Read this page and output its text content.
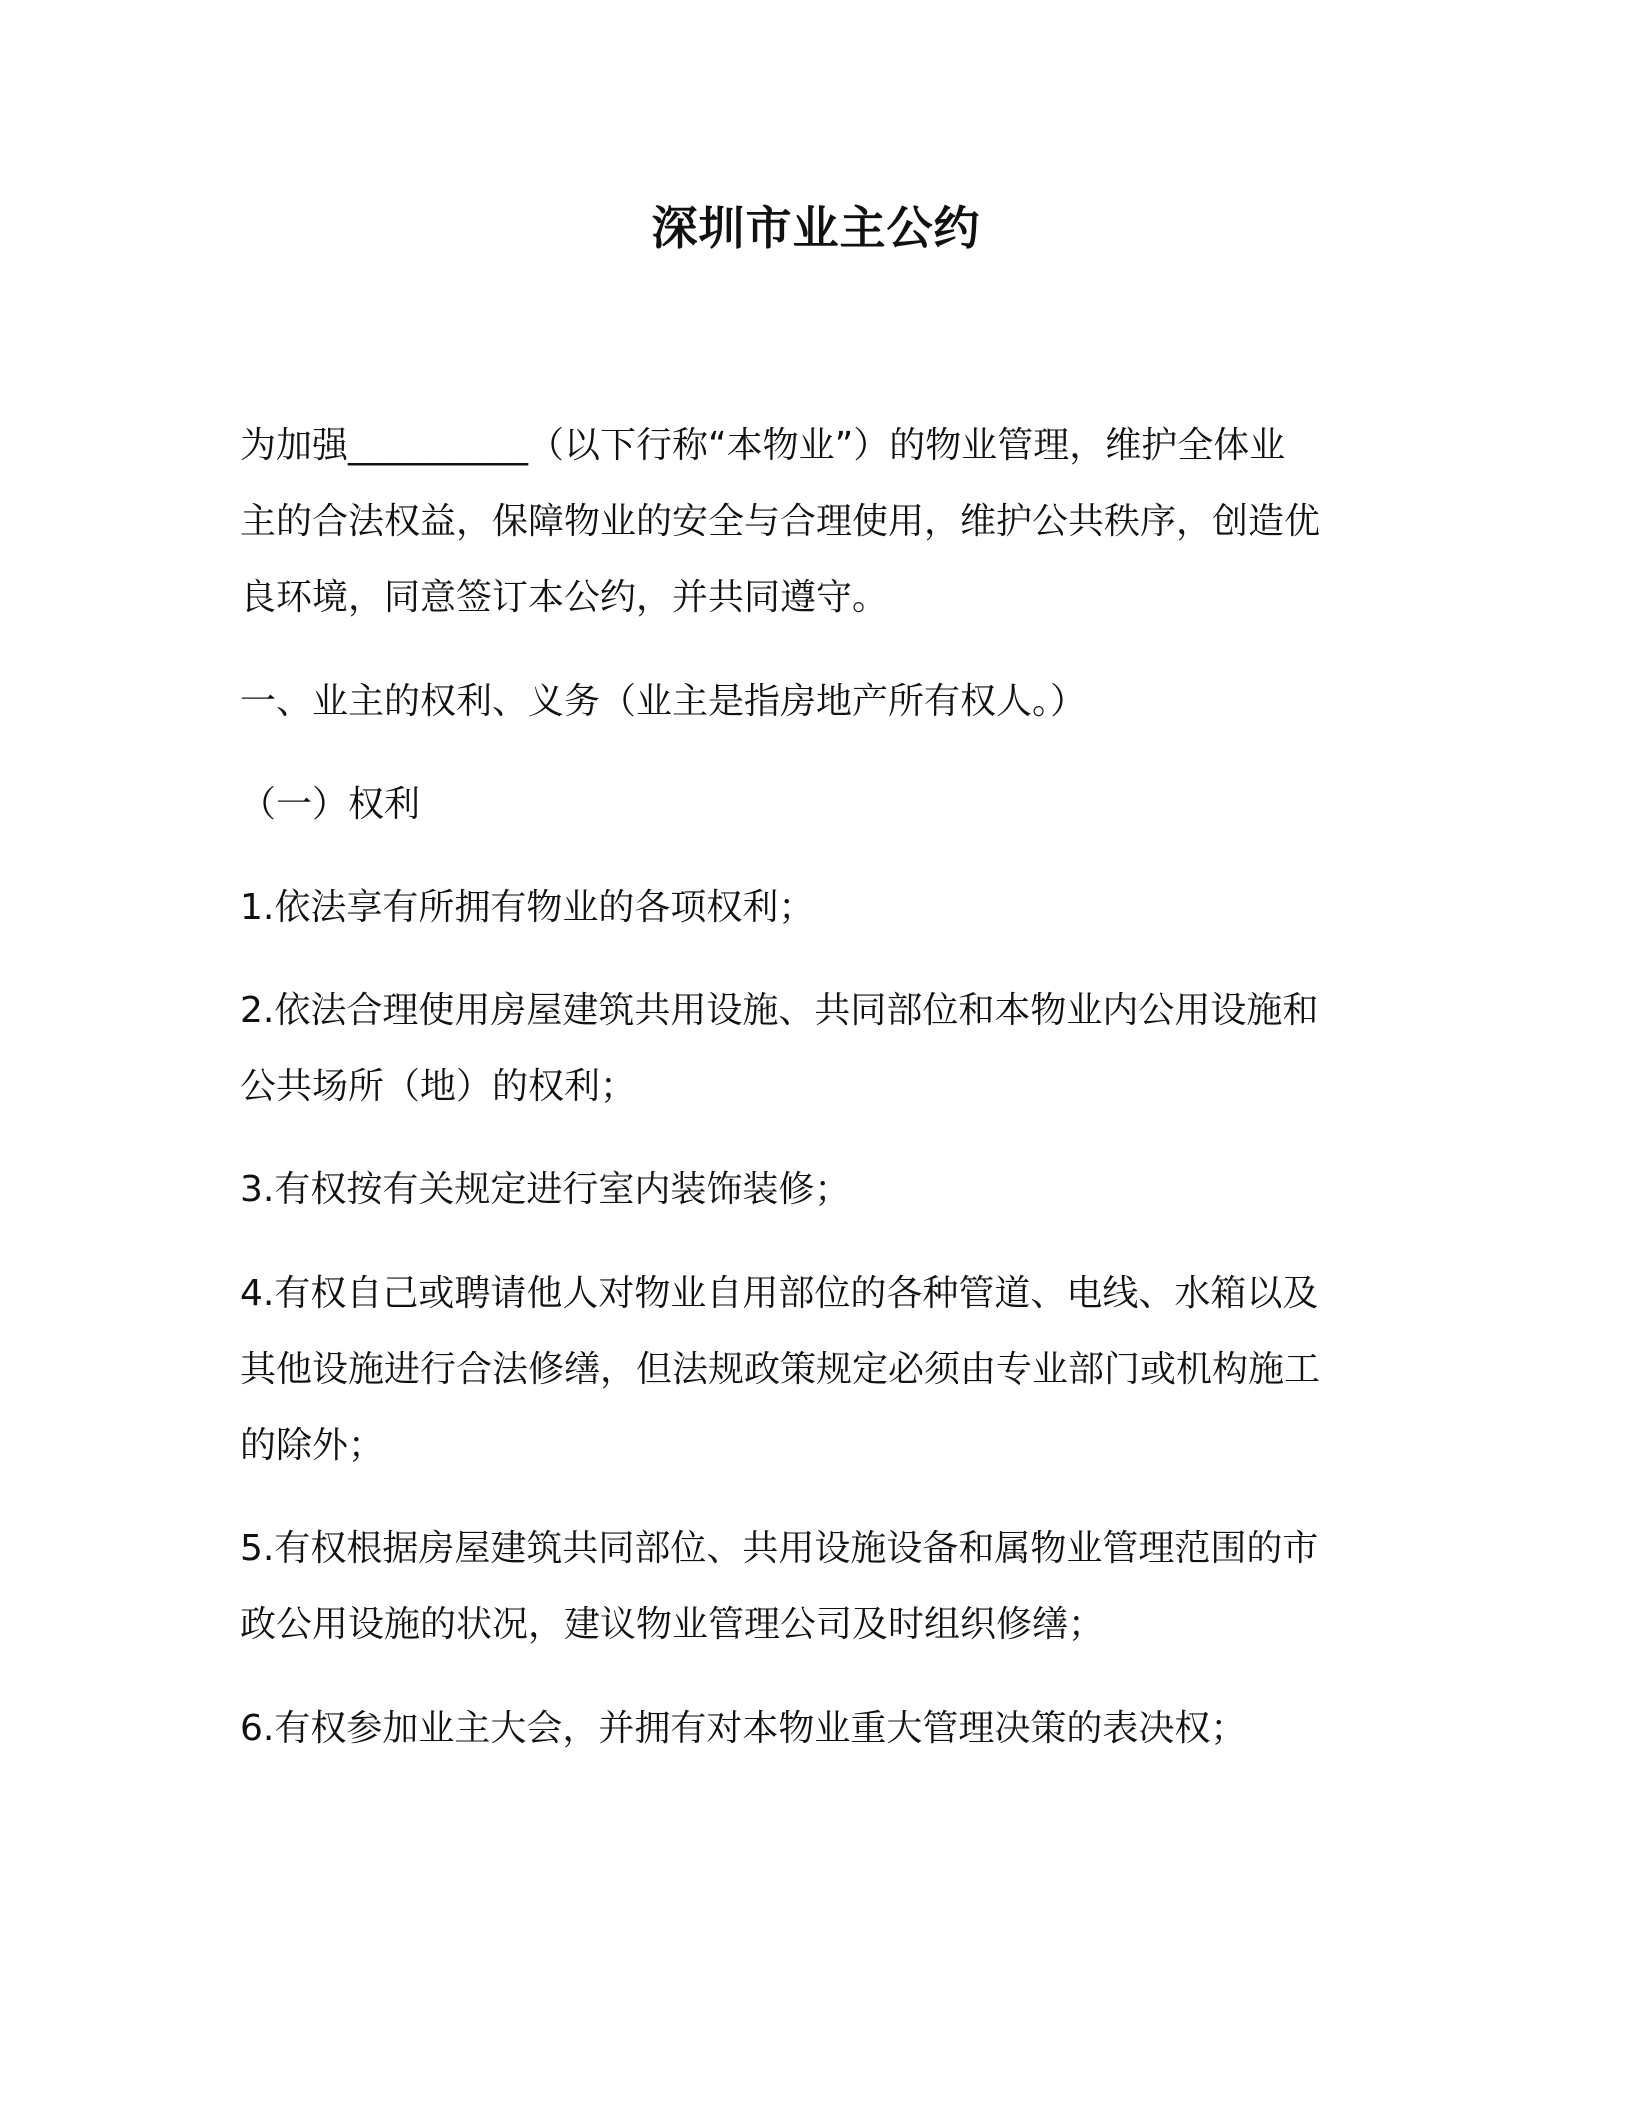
深圳市业主公约

为加强__________（以下行称“本物业”）的物业管理，维护全体业
主的合法权益，保障物业的安全与合理使用，维护公共秩序，创造优
良环境，同意签订本公约，并共同遵守。

一、业主的权利、义务（业主是指房地产所有权人。）

（一）权利

1.依法享有所拥有物业的各项权利；

2.依法合理使用房屋建筑共用设施、共同部位和本物业内公用设施和
公共场所（地）的权利；

3.有权按有关规定进行室内装饰装修；

4.有权自己或聘请他人对物业自用部位的各种管道、电线、水箱以及
其他设施进行合法修缮，但法规政策规定必须由专业部门或机构施工
的除外；

5.有权根据房屋建筑共同部位、共用设施设备和属物业管理范围的市
政公用设施的状况，建议物业管理公司及时组织修缮；

6.有权参加业主大会，并拥有对本物业重大管理决策的表决权；
